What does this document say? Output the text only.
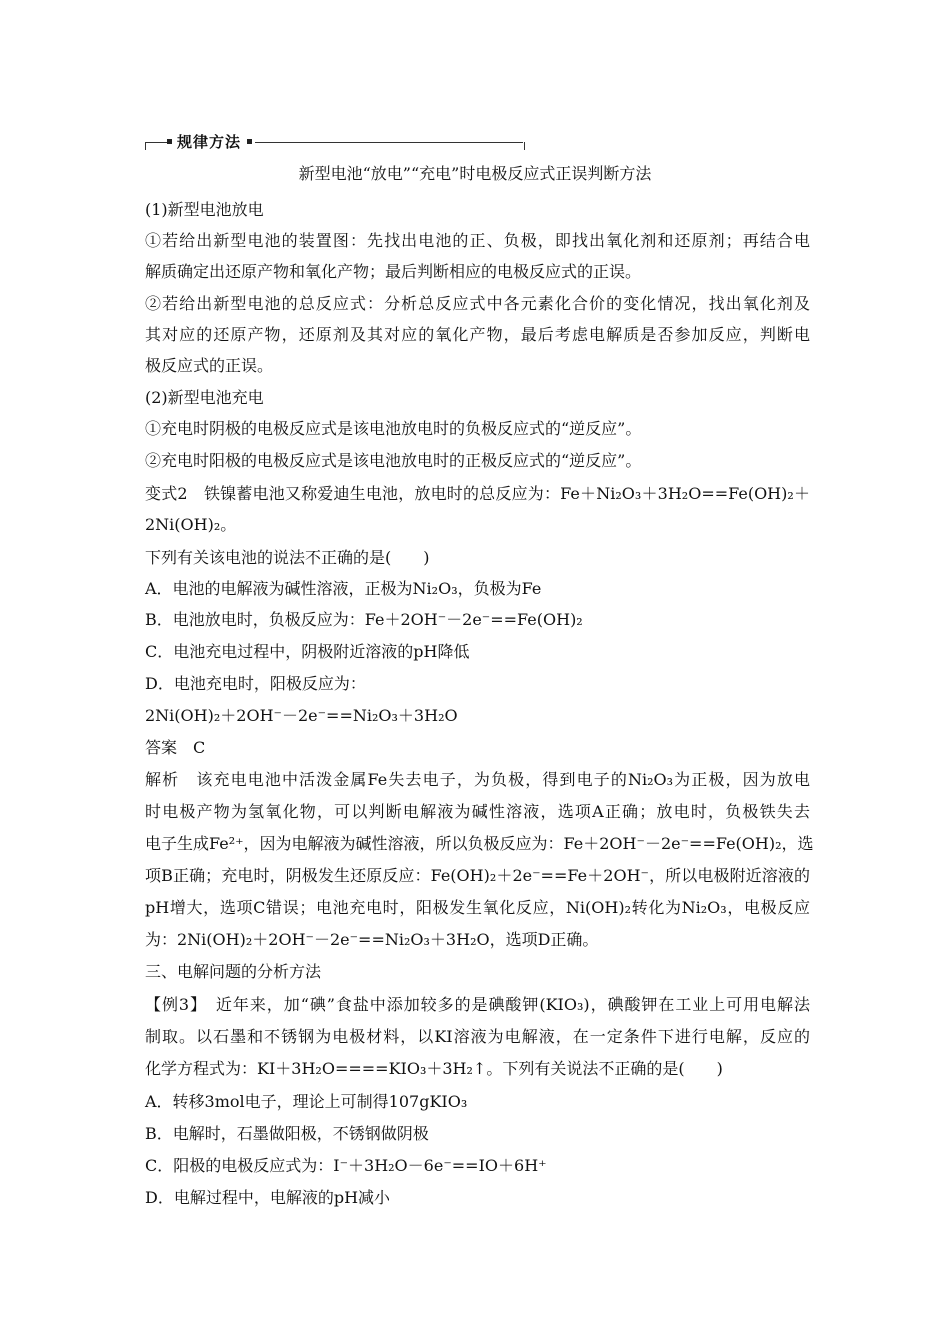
规律方法
新型电池“放电”“充电”时电极反应式正误判断方法
(1)新型电池放电
①若给出新型电池的装置图：先找出电池的正、负极，即找出氧化剂和还原剂；再结合电
解质确定出还原产物和氧化产物；最后判断相应的电极反应式的正误。
②若给出新型电池的总反应式：分析总反应式中各元素化合价的变化情况，找出氧化剂及
其对应的还原产物，还原剂及其对应的氧化产物，最后考虑电解质是否参加反应，判断电
极反应式的正误。
(2)新型电池充电
①充电时阴极的电极反应式是该电池放电时的负极反应式的“逆反应”。
②充电时阳极的电极反应式是该电池放电时的正极反应式的“逆反应”。
变式2　铁镍蓄电池又称爱迪生电池，放电时的总反应为：Fe＋Ni₂O₃＋3H₂O==Fe(OH)₂＋
2Ni(OH)₂。
下列有关该电池的说法不正确的是(　　)
A．电池的电解液为碱性溶液，正极为Ni₂O₃，负极为Fe
B．电池放电时，负极反应为：Fe＋2OH⁻－2e⁻==Fe(OH)₂
C．电池充电过程中，阴极附近溶液的pH降低
D．电池充电时，阳极反应为：
2Ni(OH)₂＋2OH⁻－2e⁻==Ni₂O₃＋3H₂O
答案　C
解析　该充电电池中活泼金属Fe失去电子，为负极，得到电子的Ni₂O₃为正极，因为放电
时电极产物为氢氧化物，可以判断电解液为碱性溶液，选项A正确；放电时，负极铁失去
电子生成Fe²⁺，因为电解液为碱性溶液，所以负极反应为：Fe＋2OH⁻－2e⁻==Fe(OH)₂，选
项B正确；充电时，阴极发生还原反应：Fe(OH)₂＋2e⁻==Fe＋2OH⁻，所以电极附近溶液的
pH增大，选项C错误；电池充电时，阳极发生氧化反应，Ni(OH)₂转化为Ni₂O₃，电极反应
为：2Ni(OH)₂＋2OH⁻－2e⁻==Ni₂O₃＋3H₂O，选项D正确。
三、电解问题的分析方法
【例3】　近年来，加“碘”食盐中添加较多的是碘酸钾(KIO₃)，碘酸钾在工业上可用电解法
制取。以石墨和不锈钢为电极材料，以KI溶液为电解液，在一定条件下进行电解，反应的
化学方程式为：KI＋3H₂O====KIO₃＋3H₂↑。下列有关说法不正确的是(　　)
A．转移3mol电子，理论上可制得107gKIO₃
B．电解时，石墨做阳极，不锈钢做阴极
C．阳极的电极反应式为：I⁻＋3H₂O－6e⁻==IO＋6H⁺
D．电解过程中，电解液的pH减小
